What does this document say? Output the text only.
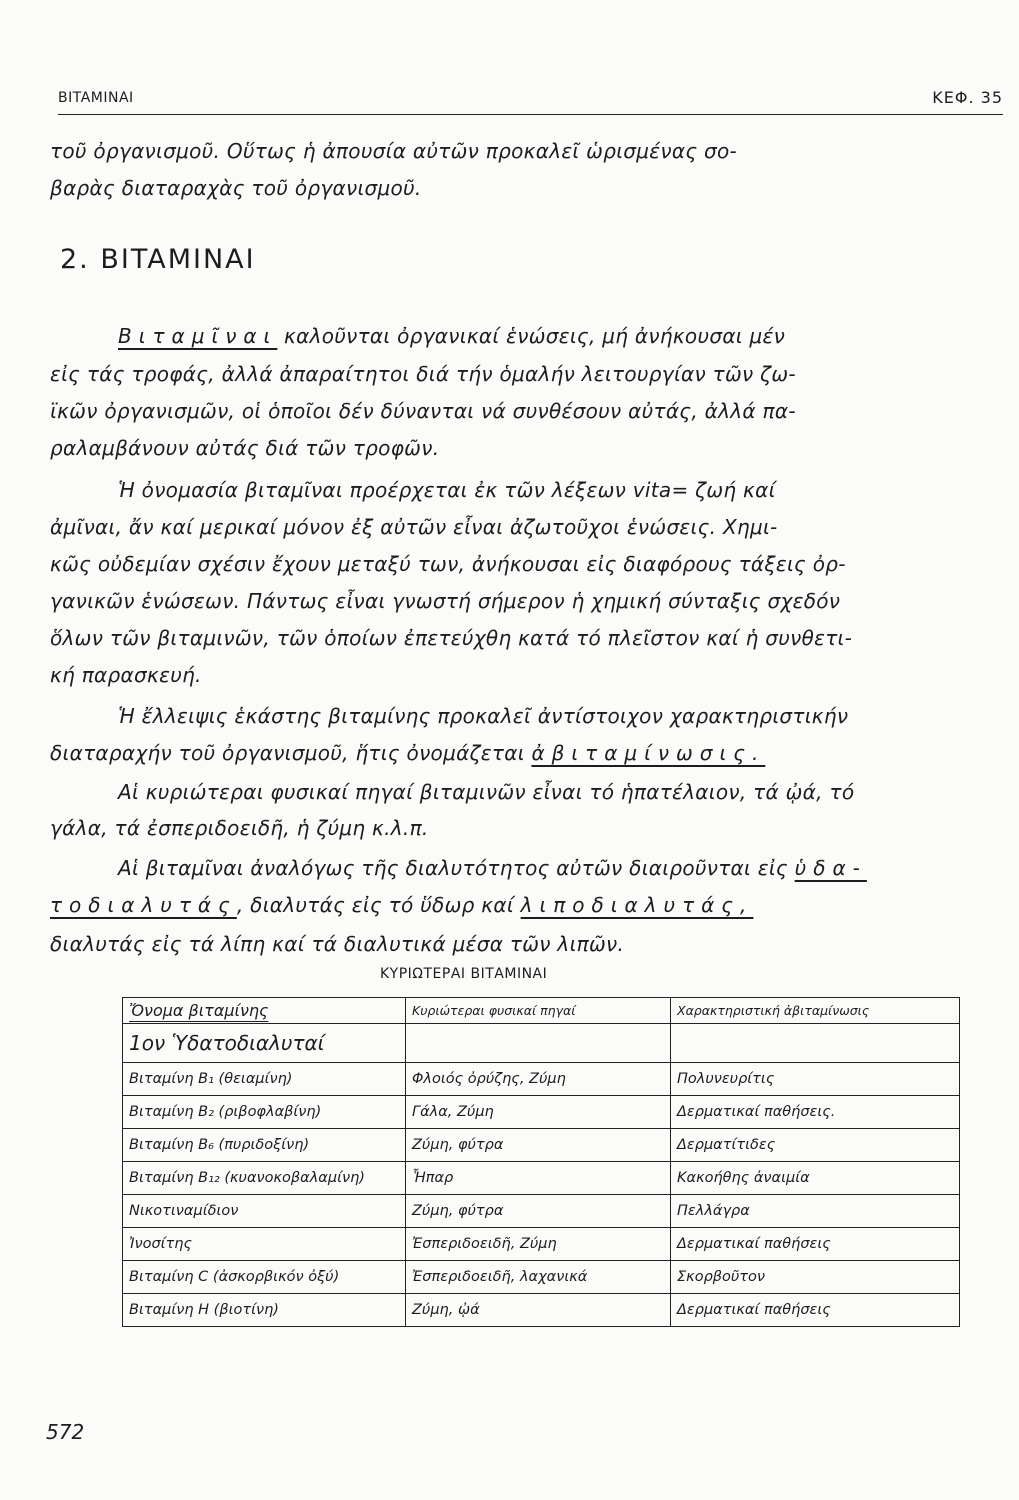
BITAMINAI	ΚΕΦ. 35
τοῦ ὀργανισμοῦ. Οὕτως ἡ ἀπουσία αὐτῶν προκαλεῖ ὡρισμένας σο-
βαρὰς διαταραχὰς τοῦ ὀργανισμοῦ.
2. BITAMINAI
Βιταμῖναι καλοῦνται ὀργανικαί ἑνώσεις, μή ἀνήκουσαι μέν
εἰς τάς τροφάς, ἀλλά ἀπαραίτητοι διά τήν ὁμαλήν λειτουργίαν τῶν ζω-
ϊκῶν ὀργανισμῶν, οἱ ὁποῖοι δέν δύνανται νά συνθέσουν αὐτάς, ἀλλά πα-
ραλαμβάνουν αὐτάς διά τῶν τροφῶν.
Ἡ ὀνομασία βιταμῖναι προέρχεται ἐκ τῶν λέξεων vita= ζωή καί
ἀμῖναι, ἄν καί μερικαί μόνον ἐξ αὐτῶν εἶναι ἀζωτοῦχοι ἑνώσεις. Χημι-
κῶς οὐδεμίαν σχέσιν ἔχουν μεταξύ των, ἀνήκουσαι εἰς διαφόρους τάξεις ὀρ-
γανικῶν ἑνώσεων. Πάντως εἶναι γνωστή σήμερον ἡ χημική σύνταξις σχεδόν
ὅλων τῶν βιταμινῶν, τῶν ὁποίων ἐπετεύχθη κατά τό πλεῖστον καί ἡ συνθετι-
κή παρασκευή.
Ἡ ἔλλειψις ἑκάστης βιταμίνης προκαλεῖ ἀντίστοιχον χαρακτηριστικήν
διαταραχήν τοῦ ὀργανισμοῦ, ἥτις ὀνομάζεται ἀβιταμίνωσις.
Αἱ κυριώτεραι φυσικαί πηγαί βιταμινῶν εἶναι τό ἡπατέλαιον, τά ᾠά, τό
γάλα, τά ἐσπεριδοειδῆ, ἡ ζύμη κ.λ.π.
Αἱ βιταμῖναι ἀναλόγως τῆς διαλυτότητος αὐτῶν διαιροῦνται εἰς ὑδα-
τοδιαλυτάς, διαλυτάς εἰς τό ὕδωρ καί λιποδιαλυτάς,
διαλυτάς εἰς τά λίπη καί τά διαλυτικά μέσα τῶν λιπῶν.
ΚΥΡΙΩΤΕΡΑΙ ΒΙΤΑΜΙΝΑΙ
Ὄνομα βιταμίνης	Κυριώτεραι φυσικαί πηγαί	Χαρακτηριστική ἀβιταμίνωσις
1ον Ὑδατοδιαλυταί		
Βιταμίνη B₁ (θειαμίνη)	Φλοιός ὀρύζης, Ζύμη	Πολυνευρίτις
Βιταμίνη B₂ (ριβοφλαβίνη)	Γάλα, Ζύμη	Δερματικαί παθήσεις.
Βιταμίνη B₆ (πυριδοξίνη)	Ζύμη, φύτρα	Δερματίτιδες
Βιταμίνη B₁₂ (κυανοκοβαλαμίνη)	Ἧπαρ	Κακοήθης ἀναιμία
Νικοτιναμίδιον	Ζύμη, φύτρα	Πελλάγρα
Ἰνοσίτης	Ἐσπεριδοειδῆ, Ζύμη	Δερματικαί παθήσεις
Βιταμίνη C (ἀσκορβικόν ὀξύ)	Ἐσπεριδοειδῆ, λαχανικά	Σκορβοῦτον
Βιταμίνη H (βιοτίνη)	Ζύμη, ᾠά	Δερματικαί παθήσεις
572
